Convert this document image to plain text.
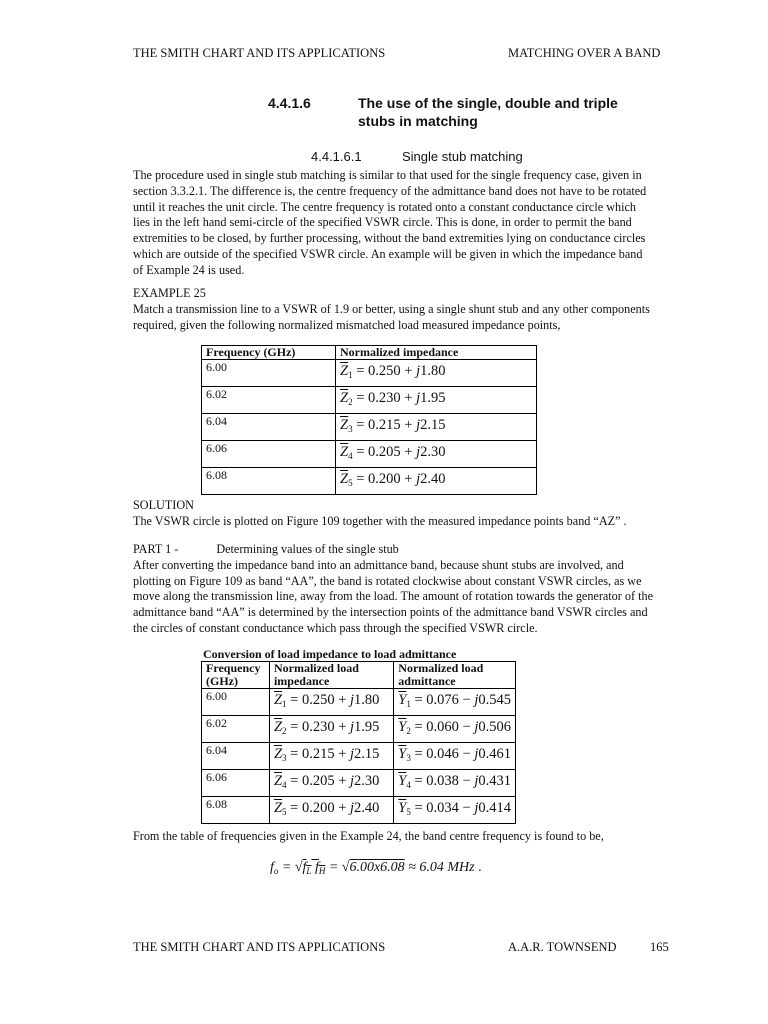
THE SMITH CHART AND ITS APPLICATIONS	MATCHING OVER A BAND
4.4.1.6	The use of the single, double and triple stubs in matching
4.4.1.6.1	Single stub matching
The procedure used in single stub matching is similar to that used for the single frequency case, given in
section 3.3.2.1. The difference is, the centre frequency of the admittance band does not have to be rotated
until it reaches the unit circle. The centre frequency is rotated onto a constant conductance circle which
lies in the left hand semi-circle of the specified VSWR circle. This is done, in order to permit the band
extremities to be closed, by further processing, without the band extremities lying on conductance circles
which are outside of the specified VSWR circle. An example will be given in which the impedance band
of Example 24 is used.
EXAMPLE 25
Match a transmission line to a VSWR of 1.9 or better, using a single shunt stub and any other components
required, given the following normalized mismatched load measured impedance points,
Frequency (GHz)	Normalized impedance
6.00	$\overline{Z}_1 = 0.250 + j1.80$
6.02	$\overline{Z}_2 = 0.230 + j1.95$
6.04	$\overline{Z}_3 = 0.215 + j2.15$
6.06	$\overline{Z}_4 = 0.205 + j2.30$
6.08	$\overline{Z}_5 = 0.200 + j2.40$
SOLUTION
The VSWR circle is plotted on Figure 109 together with the measured impedance points band “AZ” .
PART 1 -	Determining values of the single stub
After converting the impedance band into an admittance band, because shunt stubs are involved, and
plotting on Figure 109 as band “AA”, the band is rotated clockwise about constant VSWR circles, as we
move along the transmission line, away from the load. The amount of rotation towards the generator of the
admittance band “AA” is determined by the intersection points of the admittance band VSWR circles and
the circles of constant conductance which pass through the specified VSWR circle.
Conversion of load impedance to load admittance
Frequency
(GHz)	Normalized load
impedance	Normalized load
admittance
6.00	$\overline{Z}_1 = 0.250 + j1.80$	$\overline{Y}_1 = 0.076 - j0.545$
6.02	$\overline{Z}_2 = 0.230 + j1.95$	$\overline{Y}_2 = 0.060 - j0.506$
6.04	$\overline{Z}_3 = 0.215 + j2.15$	$\overline{Y}_3 = 0.046 - j0.461$
6.06	$\overline{Z}_4 = 0.205 + j2.30$	$\overline{Y}_4 = 0.038 - j0.431$
6.08	$\overline{Z}_5 = 0.200 + j2.40$	$\overline{Y}_5 = 0.034 - j0.414$
From the table of frequencies given in the Example 24, the band centre frequency is found to be,
$f_o = √f_L$ $f_H = √6.00x6.08 \approx 6.04$ MHz .
THE SMITH CHART AND ITS APPLICATIONS	A.A.R. TOWNSEND	165
